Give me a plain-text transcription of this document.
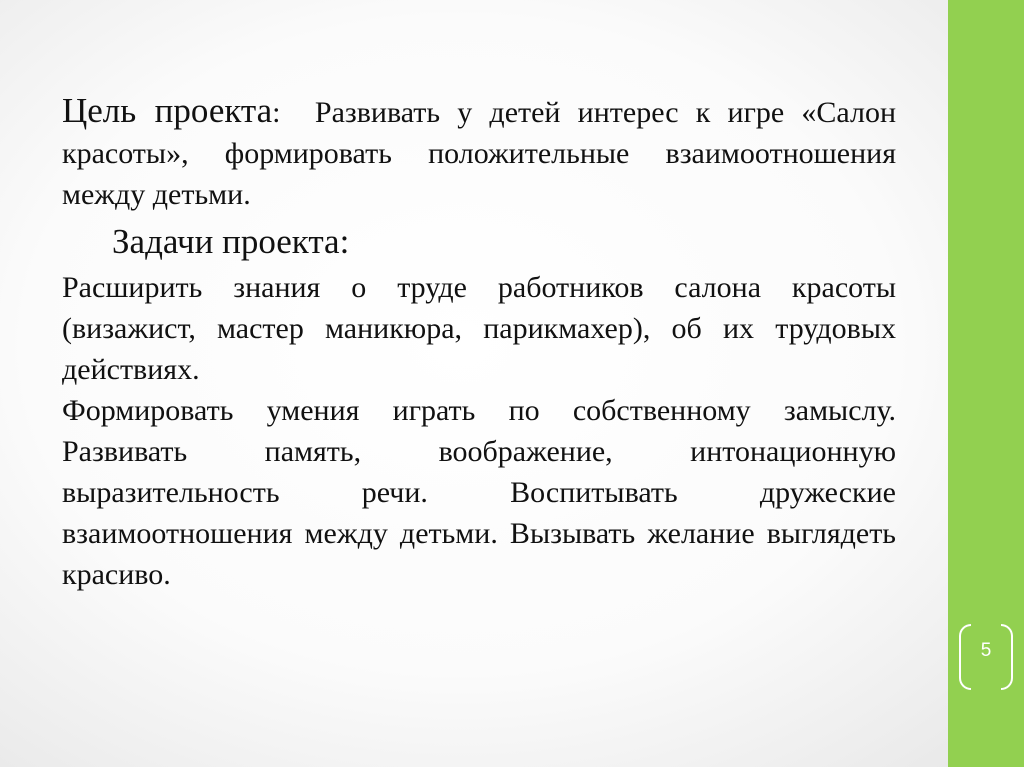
Цель проекта: Развивать у детей интерес к игре «Салон красоты», формировать положительные взаимоотношения между детьми.

Задачи проекта:

Расширить знания о труде работников салона красоты (визажист, мастер маникюра, парикмахер), об их трудовых действиях.

Формировать умения играть по собственному замыслу. Развивать память, воображение, интонационную выразительность речи. Воспитывать дружеские взаимоотношения между детьми. Вызывать желание выглядеть красиво.

5
